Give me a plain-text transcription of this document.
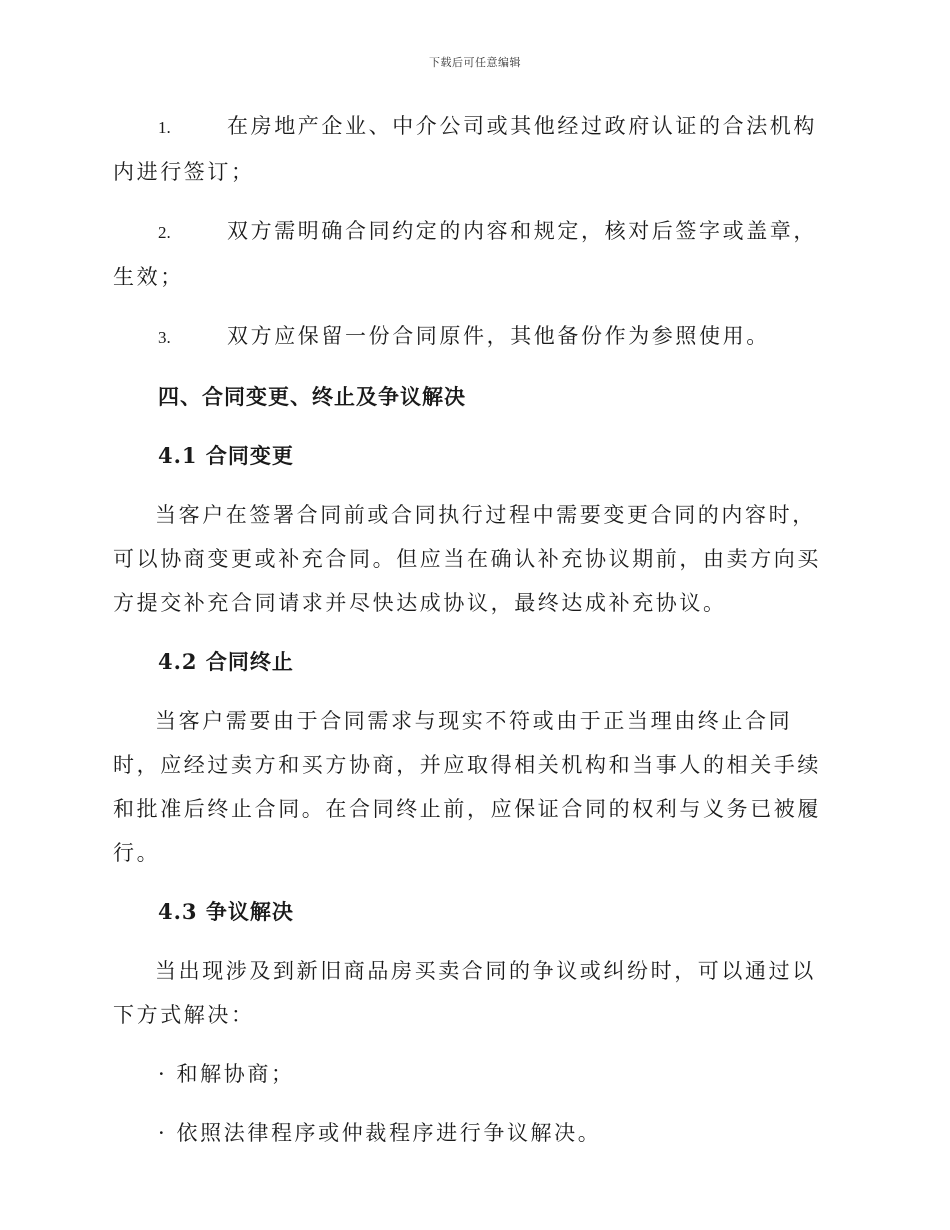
下载后可任意编辑

1.	在房地产企业、中介公司或其他经过政府认证的合法机构内进行签订；

2.	双方需明确合同约定的内容和规定，核对后签字或盖章，生效；

3.	双方应保留一份合同原件，其他备份作为参照使用。

四、合同变更、终止及争议解决
4.1 合同变更

当客户在签署合同前或合同执行过程中需要变更合同的内容时，可以协商变更或补充合同。但应当在确认补充协议期前，由卖方向买方提交补充合同请求并尽快达成协议，最终达成补充协议。

4.2 合同终止

当客户需要由于合同需求与现实不符或由于正当理由终止合同时，应经过卖方和买方协商，并应取得相关机构和当事人的相关手续和批准后终止合同。在合同终止前，应保证合同的权利与义务已被履行。

4.3 争议解决

当出现涉及到新旧商品房买卖合同的争议或纠纷时，可以通过以下方式解决：

· 和解协商；

· 依照法律程序或仲裁程序进行争议解决。
